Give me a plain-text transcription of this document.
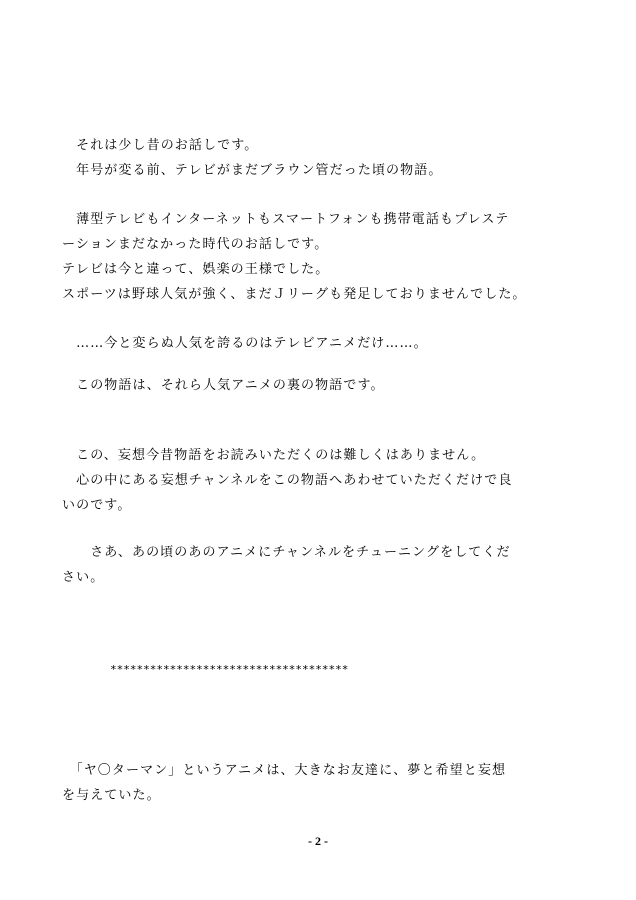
　それは少し昔のお話しです。
　年号が変る前、テレビがまだブラウン管だった頃の物語。
　薄型テレビもインターネットもスマートフォンも携帯電話もプレステ
ーションまだなかった時代のお話しです。
テレビは今と違って、娯楽の王様でした。
スポーツは野球人気が強く、まだＪリーグも発足しておりませんでした。
　……今と変らぬ人気を誇るのはテレビアニメだけ……。
　この物語は、それら人気アニメの裏の物語です。
　この、妄想今昔物語をお読みいただくのは難しくはありません。
　心の中にある妄想チャンネルをこの物語へあわせていただくだけで良
いのです。
　　さあ、あの頃のあのアニメにチャンネルをチューニングをしてくだ
さい。
************************************
　「ヤ〇ターマン」というアニメは、大きなお友達に、夢と希望と妄想
を与えていた。
- 2 -
